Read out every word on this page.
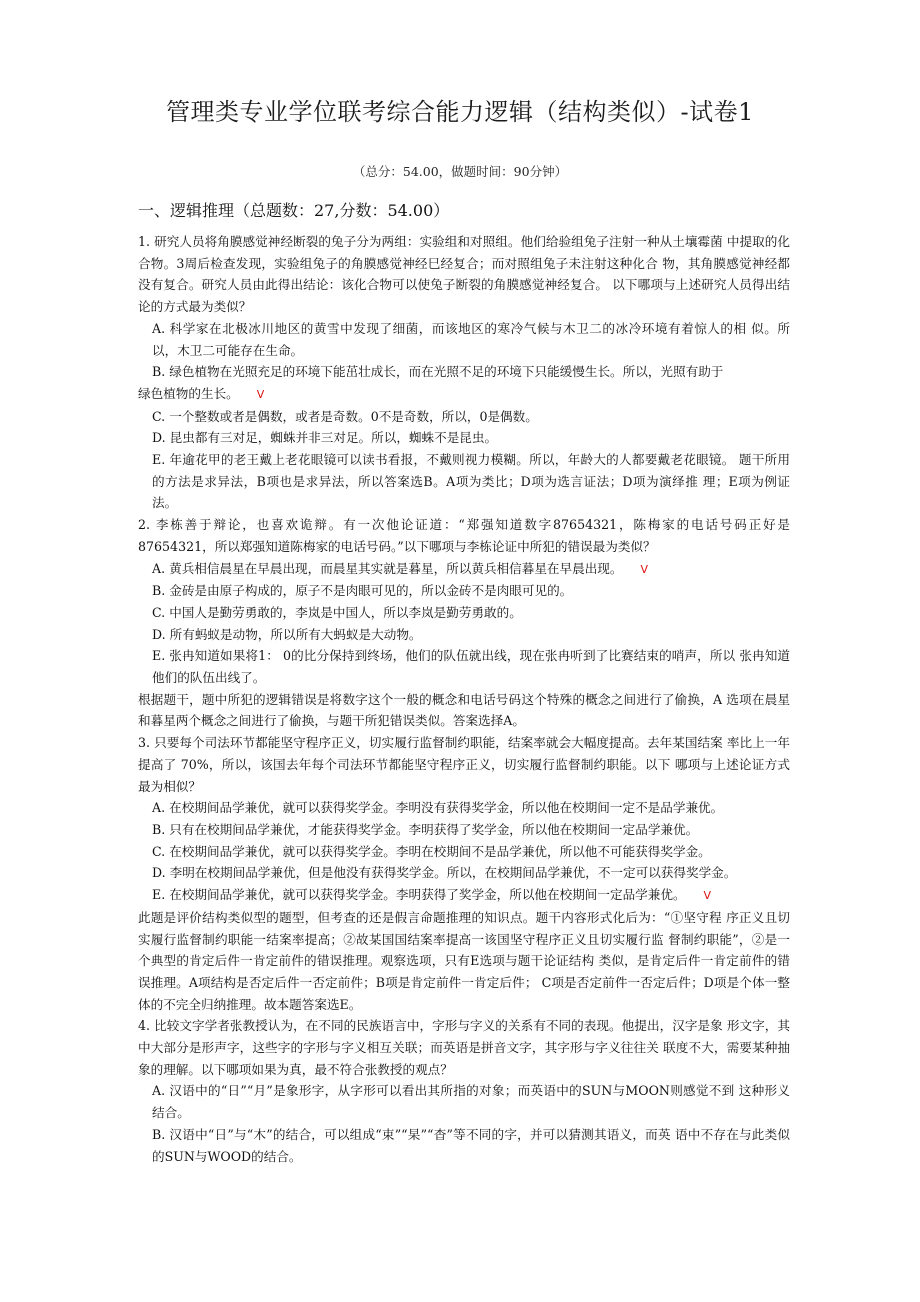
管理类专业学位联考综合能力逻辑（结构类似）-试卷1
（总分：54.00，做题时间：90分钟）
一、逻辑推理（总题数：27,分数：54.00）

1. 研究人员将角膜感觉神经断裂的兔子分为两组：实验组和对照组。他们给验组兔子注射一种从土壤霉菌 中提取的化合物。3周后检查发现，实验组兔子的角膜感觉神经巳经复合；而对照组兔子未注射这种化合 物，其角膜感觉神经都没有复合。研究人员由此得出结论：该化合物可以使兔子断裂的角膜感觉神经复合。 以下哪项与上述研究人员得出结论的方式最为类似？

A. 科学家在北极冰川地区的黄雪中发现了细菌，而该地区的寒冷气候与木卫二的冰冷环境有着惊人的相 似。所以，木卫二可能存在生命。

B. 绿色植物在光照充足的环境下能茁壮成长，而在光照不足的环境下只能缓慢生长。所以，光照有助于

绿色植物的生长。 V

C. 一个整数或者是偶数，或者是奇数。0不是奇数，所以，0是偶数。

D. 昆虫都有三对足，蜘蛛并非三对足。所以，蜘蛛不是昆虫。

E. 年逾花甲的老王戴上老花眼镜可以读书看报，不戴则视力模糊。所以，年龄大的人都要戴老花眼镜。 题干所用的方法是求异法，B项也是求异法，所以答案选B。A项为类比；D项为选言证法；D项为演绎推 理；E项为例证法。

2. 李栋善于辩论，也喜欢诡辩。有一次他论证道：“郑强知道数字87654321，陈梅家的电话号码正好是87654321，所以郑强知道陈梅家的电话号码。”以下哪项与李栋论证中所犯的错误最为类似？

A. 黄兵相信晨星在早晨出现，而晨星其实就是暮星，所以黄兵相信暮星在早晨出现。 V

B. 金砖是由原子构成的，原子不是肉眼可见的，所以金砖不是肉眼可见的。

C. 中国人是勤劳勇敢的，李岚是中国人，所以李岚是勤劳勇敢的。

D. 所有蚂蚁是动物，所以所有大蚂蚁是大动物。

E. 张冉知道如果将1： 0的比分保持到终场，他们的队伍就出线，现在张冉听到了比赛结束的哨声，所以 张冉知道他们的队伍出线了。

根据题干，题中所犯的逻辑错误是将数字这个一般的概念和电话号码这个特殊的概念之间进行了偷换，A 选项在晨星和暮星两个概念之间进行了偷换，与题干所犯错误类似。答案选择A。

3. 只要每个司法环节都能坚守程序正义，切实履行监督制约职能，结案率就会大幅度提高。去年某国结案 率比上一年提高了 70%，所以，该国去年每个司法环节都能坚守程序正义，切实履行监督制约职能。以下 哪项与上述论证方式最为相似？

A. 在校期间品学兼优，就可以获得奖学金。李明没有获得奖学金，所以他在校期间一定不是品学兼优。

B. 只有在校期间品学兼优，才能获得奖学金。李明获得了奖学金，所以他在校期间一定品学兼优。

C. 在校期间品学兼优，就可以获得奖学金。李明在校期间不是品学兼优，所以他不可能获得奖学金。

D. 李明在校期间品学兼优，但是他没有获得奖学金。所以，在校期间品学兼优，不一定可以获得奖学金。

E. 在校期间品学兼优，就可以获得奖学金。李明获得了奖学金，所以他在校期间一定品学兼优。 V

此题是评价结构类似型的题型，但考查的还是假言命题推理的知识点。题干内容形式化后为：“①坚守程 序正义且切实履行监督制约职能一结案率提高；②故某国国结案率提高一该国坚守程序正义且切实履行监 督制约职能”，②是一个典型的肯定后件一肯定前件的错误推理。观察选项，只有E选项与题干论证结构 类似，是肯定后件一肯定前件的错误推理。A项结构是否定后件一否定前件；B项是肯定前件一肯定后件； C项是否定前件一否定后件；D项是个体一整体的不完全归纳推理。故本题答案选E。

4. 比较文字学者张教授认为，在不同的民族语言中，字形与字义的关系有不同的表现。他提出，汉字是象 形文字，其中大部分是形声字，这些字的字形与字义相互关联；而英语是拼音文字，其字形与字义往往关 联度不大，需要某种抽象的理解。以下哪项如果为真，最不符合张教授的观点？

A. 汉语中的“日”“月”是象形字，从字形可以看出其所指的对象；而英语中的SUN与MOON则感觉不到 这种形义结合。

B. 汉语中“日”与“木”的结合，可以组成“束”“杲”“杳”等不同的字，并可以猜测其语义，而英 语中不存在与此类似的SUN与WOOD的结合。
